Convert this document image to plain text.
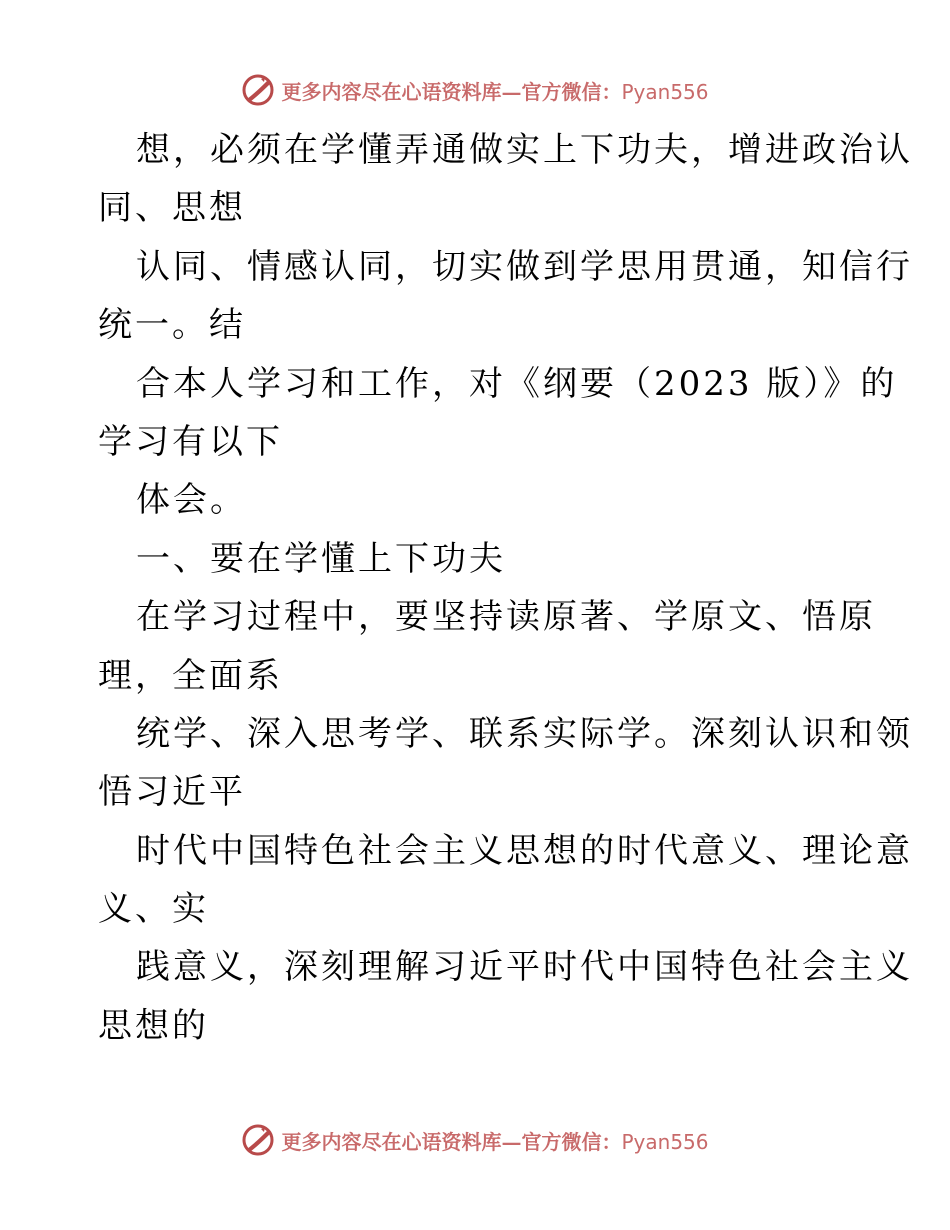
更多内容尽在心语资料库—官方微信：Pyan556
想，必须在学懂弄通做实上下功夫，增进政治认
同、思想
认同、情感认同，切实做到学思用贯通，知信行
统一。结
合本人学习和工作，对《纲要（2023 版）》的
学习有以下
体会。
一、要在学懂上下功夫
在学习过程中，要坚持读原著、学原文、悟原
理，全面系
统学、深入思考学、联系实际学。深刻认识和领
悟习近平
时代中国特色社会主义思想的时代意义、理论意
义、实
践意义，深刻理解习近平时代中国特色社会主义
思想的
更多内容尽在心语资料库—官方微信：Pyan556
